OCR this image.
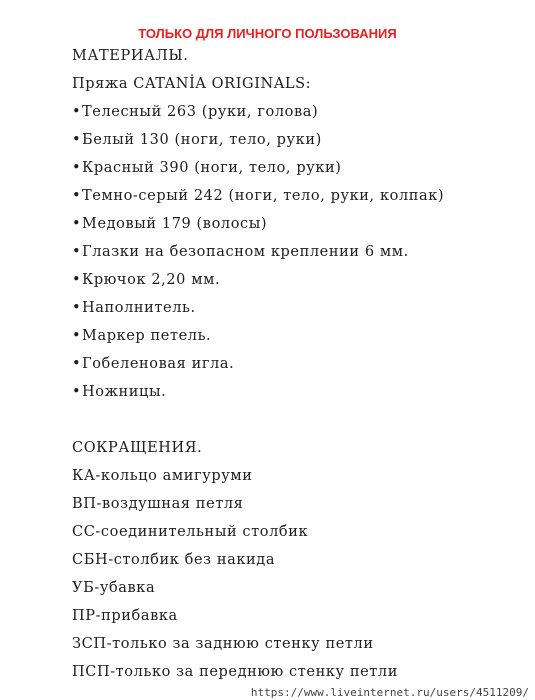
ТОЛЬКО ДЛЯ ЛИЧНОГО ПОЛЬЗОВАНИЯ
МАТЕРИАЛЫ.
Пряжа CATANİA ORIGINALS:
•Телесный 263 (руки, голова)
•Белый 130 (ноги, тело, руки)
•Красный 390 (ноги, тело, руки)
•Темно-серый 242 (ноги, тело, руки, колпак)
•Медовый 179 (волосы)
•Глазки на безопасном креплении 6 мм.
•Крючок 2,20 мм.
•Наполнитель.
•Маркер петель.
•Гобеленовая игла.
•Ножницы.
СОКРАЩЕНИЯ.
КА-кольцо амигуруми
ВП-воздушная петля
СС-соединительный столбик
СБН-столбик без накида
УБ-убавка
ПР-прибавка
ЗСП-только за заднюю стенку петли
ПСП-только за переднюю стенку петли
https://www.liveinternet.ru/users/4511209/
